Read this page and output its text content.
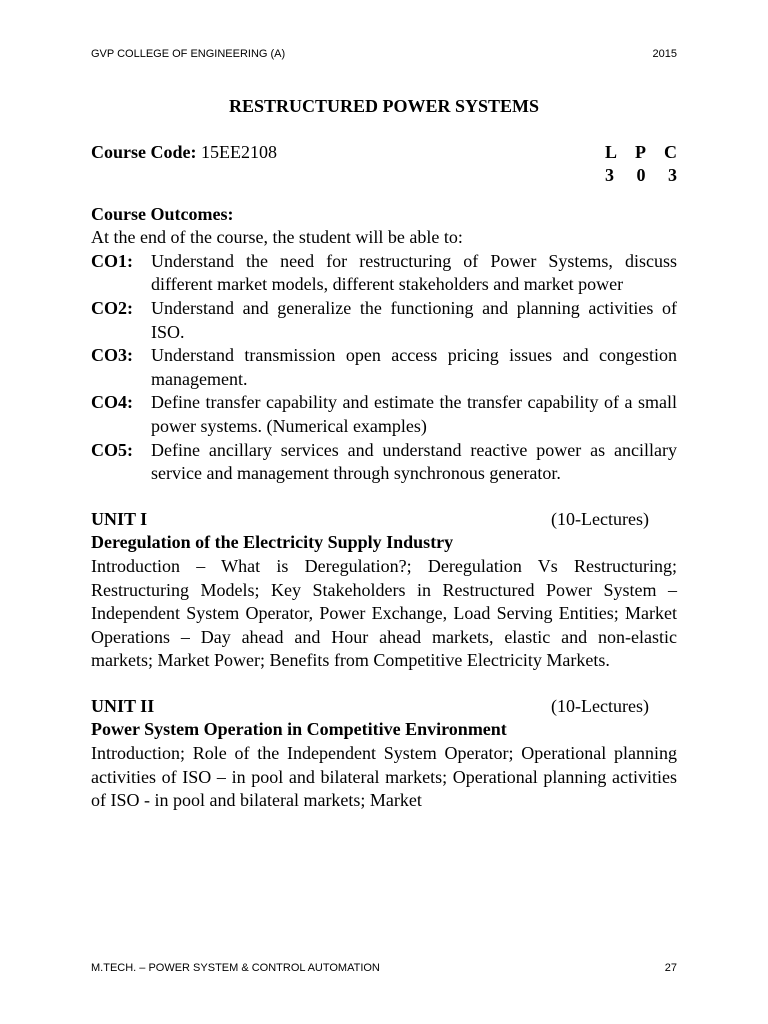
GVP COLLEGE OF ENGINEERING (A)	2015
RESTRUCTURED POWER SYSTEMS
Course Code: 15EE2108	L P C
3 0 3
Course Outcomes:
At the end of the course, the student will be able to:
CO1:	Understand the need for restructuring of Power Systems, discuss different market models, different stakeholders and market power
CO2:	Understand and generalize the functioning and planning activities of ISO.
CO3:	Understand transmission open access pricing issues and congestion management.
CO4:	Define transfer capability and estimate the transfer capability of a small power systems. (Numerical examples)
CO5:	Define ancillary services and understand reactive power as ancillary service and management through synchronous generator.
UNIT I	(10-Lectures)
Deregulation of the Electricity Supply Industry
Introduction – What is Deregulation?; Deregulation Vs Restructuring; Restructuring Models; Key Stakeholders in Restructured Power System – Independent System Operator, Power Exchange, Load Serving Entities; Market Operations – Day ahead and Hour ahead markets, elastic and non-elastic markets; Market Power; Benefits from Competitive Electricity Markets.
UNIT II	(10-Lectures)
Power System Operation in Competitive Environment
Introduction; Role of the Independent System Operator; Operational planning activities of ISO – in pool and bilateral markets; Operational planning activities of ISO - in pool and bilateral markets; Market
M.TECH. – POWER SYSTEM & CONTROL AUTOMATION	27
